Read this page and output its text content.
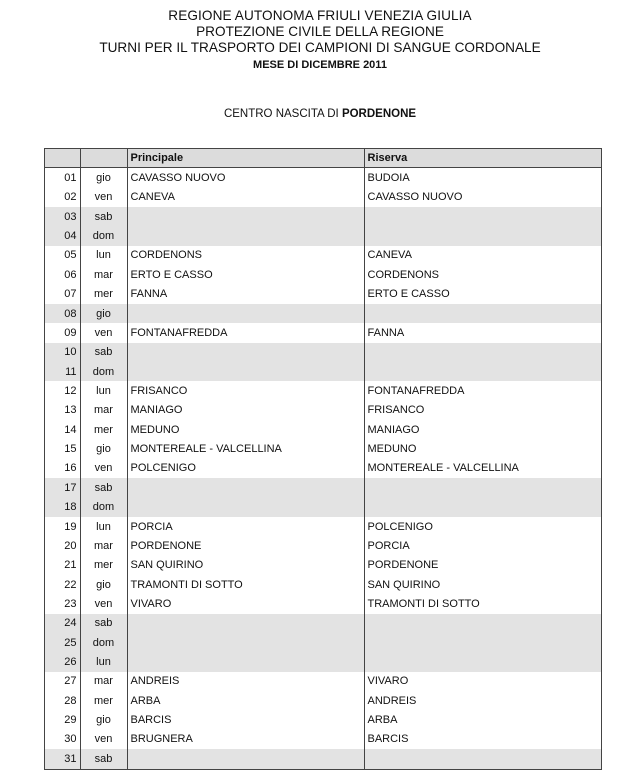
REGIONE AUTONOMA FRIULI VENEZIA GIULIA
PROTEZIONE CIVILE DELLA REGIONE
TURNI PER IL TRASPORTO DEI CAMPIONI DI SANGUE CORDONALE
MESE DI DICEMBRE 2011
CENTRO NASCITA DI PORDENONE
		Principale	Riserva
01	gio	CAVASSO NUOVO	BUDOIA
02	ven	CANEVA	CAVASSO NUOVO
03	sab		
04	dom		
05	lun	CORDENONS	CANEVA
06	mar	ERTO E CASSO	CORDENONS
07	mer	FANNA	ERTO E CASSO
08	gio		
09	ven	FONTANAFREDDA	FANNA
10	sab		
11	dom		
12	lun	FRISANCO	FONTANAFREDDA
13	mar	MANIAGO	FRISANCO
14	mer	MEDUNO	MANIAGO
15	gio	MONTEREALE - VALCELLINA	MEDUNO
16	ven	POLCENIGO	MONTEREALE - VALCELLINA
17	sab		
18	dom		
19	lun	PORCIA	POLCENIGO
20	mar	PORDENONE	PORCIA
21	mer	SAN QUIRINO	PORDENONE
22	gio	TRAMONTI DI SOTTO	SAN QUIRINO
23	ven	VIVARO	TRAMONTI DI SOTTO
24	sab		
25	dom		
26	lun		
27	mar	ANDREIS	VIVARO
28	mer	ARBA	ANDREIS
29	gio	BARCIS	ARBA
30	ven	BRUGNERA	BARCIS
31	sab		
